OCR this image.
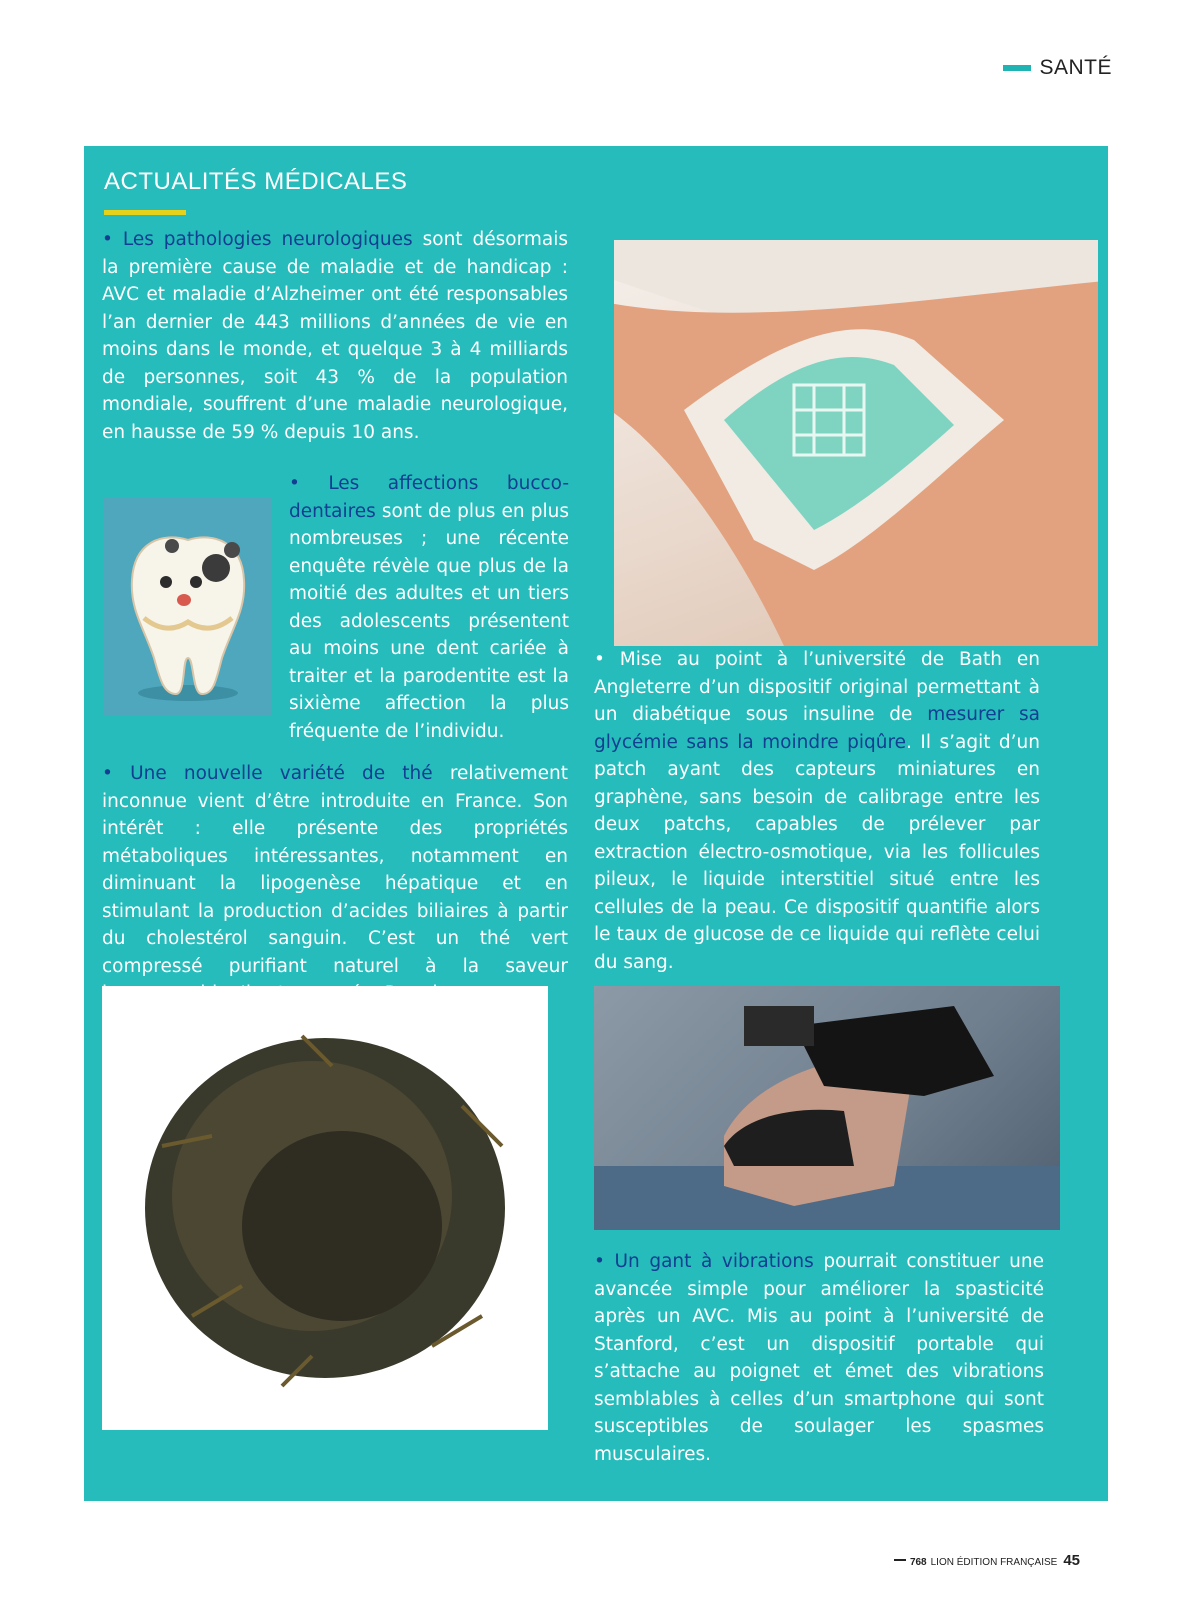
SANTÉ
ACTUALITÉS MÉDICALES

• Les pathologies neurologiques sont désormais la première cause de maladie et de handicap : AVC et maladie d’Alzheimer ont été responsables l’an dernier de 443 millions d’années de vie en moins dans le monde, et quelque 3 à 4 milliards de personnes, soit 43 % de la population mondiale, souffrent d’une maladie neurologique, en hausse de 59 % depuis 10 ans.

• Les affections bucco-dentaires sont de plus en plus nombreuses ; une récente enquête révèle que plus de la moitié des adultes et un tiers des adolescents présentent au moins une dent cariée à traiter et la parodentite est la sixième affection la plus fréquente de l’individu.

• Une nouvelle variété de thé relativement inconnue vient d’être introduite en France. Son intérêt : elle présente des propriétés métaboliques intéressantes, notamment en diminuant la lipogenèse hépatique et en stimulant la production d’acides biliaires à partir du cholestérol sanguin. C’est un thé vert compressé purifiant naturel à la saveur

• Mise au point à l’université de Bath en Angleterre d’un dispositif original permettant à un diabétique sous insuline de mesurer sa glycémie sans la moindre piqûre. Il s’agit d’un patch ayant des capteurs miniatures en graphène, sans besoin de calibrage entre les deux patchs, capables de prélever par extraction électro-osmotique, via les follicules pileux, le liquide interstitiel situé entre les cellules de la peau. Ce dispositif quantifie alors le taux de glucose de ce liquide qui reflète celui du sang.

• Un gant à vibrations pourrait constituer une avancée simple pour améliorer la spasticité après un AVC. Mis au point à l’université de Stanford, c’est un dispositif portable qui s’attache au poignet et émet des vibrations semblables à celles d’un smartphone qui sont susceptibles de soulager les spasmes musculaires.

768 LION ÉDITION FRANÇAISE 45
